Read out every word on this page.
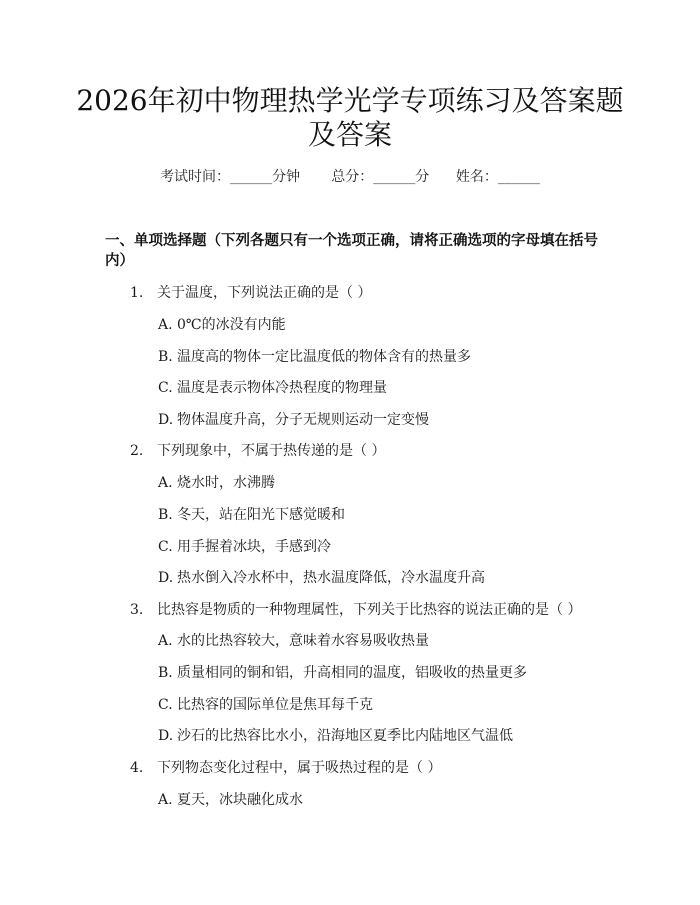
2026年初中物理热学光学专项练习及答案题
及答案
考试时间：______分钟 总分：______分 姓名：______
一、单项选择题（下列各题只有一个选项正确，请将正确选项的字母填在括号
内）
1. 关于温度，下列说法正确的是（ ）
A. 0℃的冰没有内能
B. 温度高的物体一定比温度低的物体含有的热量多
C. 温度是表示物体冷热程度的物理量
D. 物体温度升高，分子无规则运动一定变慢
2. 下列现象中，不属于热传递的是（ ）
A. 烧水时，水沸腾
B. 冬天，站在阳光下感觉暖和
C. 用手握着冰块，手感到冷
D. 热水倒入冷水杯中，热水温度降低，冷水温度升高
3. 比热容是物质的一种物理属性，下列关于比热容的说法正确的是（ ）
A. 水的比热容较大，意味着水容易吸收热量
B. 质量相同的铜和铝，升高相同的温度，铝吸收的热量更多
C. 比热容的国际单位是焦耳每千克
D. 沙石的比热容比水小，沿海地区夏季比内陆地区气温低
4. 下列物态变化过程中，属于吸热过程的是（ ）
A. 夏天，冰块融化成水
